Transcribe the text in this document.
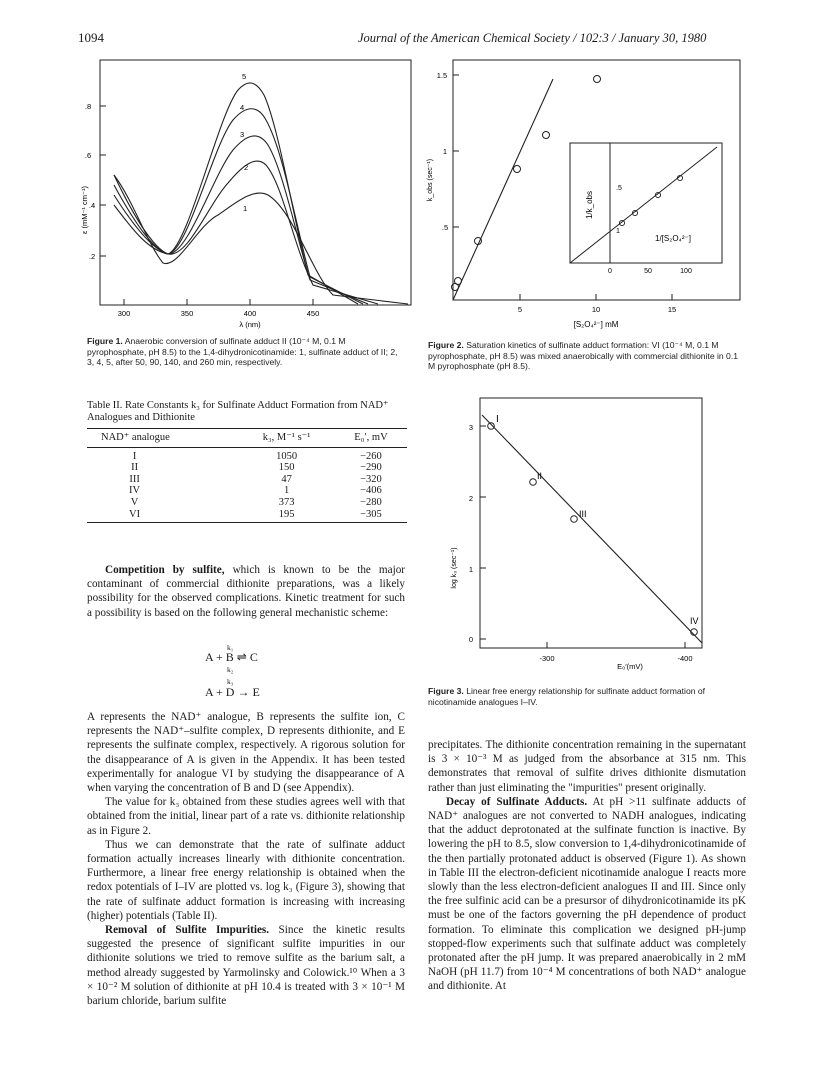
1094	Journal of the American Chemical Society / 102:3 / January 30, 1980
.8
.6
.4
.2
300	350	400	450
λ (nm)
ε (mM⁻¹ cm⁻¹)	1
2
3
4
5
Figure 1. Anaerobic conversion of sulfinate adduct II (10⁻⁴ M, 0.1 M pyrophosphate, pH 8.5) to the 1,4-dihydronicotinamide: 1, sulfinate adduct of II; 2, 3, 4, 5, after 50, 90, 140, and 260 min, respectively.
Table II. Rate Constants k₃ for Sulfinate Adduct Formation from NAD⁺ Analogues and Dithionite
NAD⁺ analogue	k₃, M⁻¹ s⁻¹	E₀′, mV
I	1050	−260
II	150	−290
III	47	−320
IV	1	−406
V	373	−280
VI	195	−305

Competition by sulfite, which is known to be the major contaminant of commercial dithionite preparations, was a likely possibility for the observed complications. Kinetic treatment for such a possibility is based on the following general mechanistic scheme:

k₁
A + B ⇌ C
k₂
k₃
A + D → E

A represents the NAD⁺ analogue, B represents the sulfite ion, C represents the NAD⁺–sulfite complex, D represents dithionite, and E represents the sulfinate complex, respectively. A rigorous solution for the disappearance of A is given in the Appendix. It has been tested experimentally for analogue VI by studying the disappearance of A when varying the concentration of B and D (see Appendix).

The value for k₃ obtained from these studies agrees well with that obtained from the initial, linear part of a rate vs. dithionite relationship as in Figure 2.

Thus we can demonstrate that the rate of sulfinate adduct formation actually increases linearly with dithionite concentration. Furthermore, a linear free energy relationship is obtained when the redox potentials of I–IV are plotted vs. log k₃ (Figure 3), showing that the rate of sulfinate adduct formation is increasing with increasing (higher) potentials (Table II).

Removal of Sulfite Impurities. Since the kinetic results suggested the presence of significant sulfite impurities in our dithionite solutions we tried to remove sulfite as the barium salt, a method already suggested by Yarmolinsky and Colowick.¹⁰ When a 3 × 10⁻² M solution of dithionite at pH 10.4 is treated with 3 × 10⁻¹ M barium chloride, barium sulfite

1.5
1
.5
5	10	15
[S₂O₄²⁻] mM
k_obs (sec⁻¹)	.5
1
0	50	100
1/[S₂O₄²⁻]
1/k_obs
Figure 2. Saturation kinetics of sulfinate adduct formation: VI (10⁻⁴ M, 0.1 M pyrophosphate, pH 8.5) was mixed anaerobically with commercial dithionite in 0.1 M pyrophosphate (pH 8.5).
3
2
1
0
-300	-400
E₀′(mV)
log k₃ (sec⁻¹)
I
II
III
IV
Figure 3. Linear free energy relationship for sulfinate adduct formation of nicotinamide analogues I–IV.

precipitates. The dithionite concentration remaining in the supernatant is 3 × 10⁻³ M as judged from the absorbance at 315 nm. This demonstrates that removal of sulfite drives dithionite dismutation rather than just eliminating the "impurities" present originally.

Decay of Sulfinate Adducts. At pH >11 sulfinate adducts of NAD⁺ analogues are not converted to NADH analogues, indicating that the adduct deprotonated at the sulfinate function is inactive. By lowering the pH to 8.5, slow conversion to 1,4-dihydronicotinamide of the then partially protonated adduct is observed (Figure 1). As shown in Table III the electron-deficient nicotinamide analogue I reacts more slowly than the less electron-deficient analogues II and III. Since only the free sulfinic acid can be a presursor of dihydronicotinamide its pK must be one of the factors governing the pH dependence of product formation. To eliminate this complication we designed pH-jump stopped-flow experiments such that sulfinate adduct was completely protonated after the pH jump. It was prepared anaerobically in 2 mM NaOH (pH 11.7) from 10⁻⁴ M concentrations of both NAD⁺ analogue and dithionite. At
